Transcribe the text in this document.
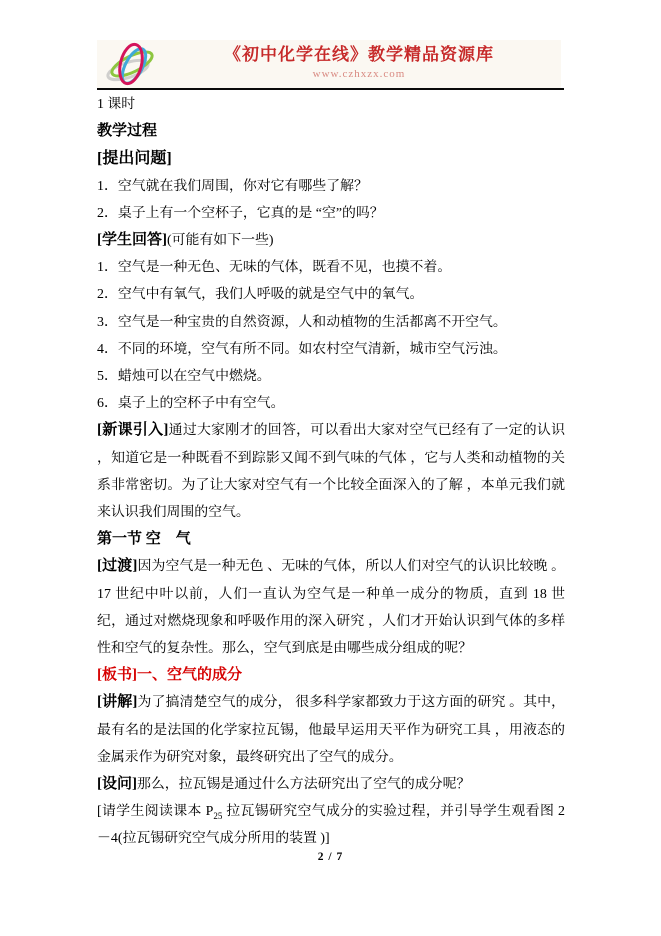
《初中化学在线》教学精品资源库
www.czhxzx.com

1 课时

教学过程

[提出问题]

1．空气就在我们周围，你对它有哪些了解？

2．桌子上有一个空杯子，它真的是 “空”的吗？

[学生回答](可能有如下一些)

1．空气是一种无色、无味的气体，既看不见，也摸不着。

2．空气中有氧气，我们人呼吸的就是空气中的氧气。

3．空气是一种宝贵的自然资源，人和动植物的生活都离不开空气。

4．不同的环境，空气有所不同。如农村空气清新，城市空气污浊。

5．蜡烛可以在空气中燃烧。

6．桌子上的空杯子中有空气。

[新课引入]通过大家刚才的回答，可以看出大家对空气已经有了一定的认识 ，知道它是一种既看不到踪影又闻不到气味的气体 ，它与人类和动植物的关系非常密切。为了让大家对空气有一个比较全面深入的了解 ，本单元我们就来认识我们周围的空气。

第一节 空　气

[过渡]因为空气是一种无色 、无味的气体，所以人们对空气的认识比较晚 。17 世纪中叶以前，人们一直认为空气是一种单一成分的物质，直到 18 世纪，通过对燃烧现象和呼吸作用的深入研究 ，人们才开始认识到气体的多样性和空气的复杂性。那么，空气到底是由哪些成分组成的呢？

[板书]一、空气的成分

[讲解]为了搞清楚空气的成分， 很多科学家都致力于这方面的研究 。其中，最有名的是法国的化学家拉瓦锡，他最早运用天平作为研究工具 ，用液态的金属汞作为研究对象，最终研究出了空气的成分。

[设问]那么，拉瓦锡是通过什么方法研究出了空气的成分呢？

[请学生阅读课本 $P_{25}$ 拉瓦锡研究空气成分的实验过程，并引导学生观看图 2－4(拉瓦锡研究空气成分所用的装置 )]

2 / 7
